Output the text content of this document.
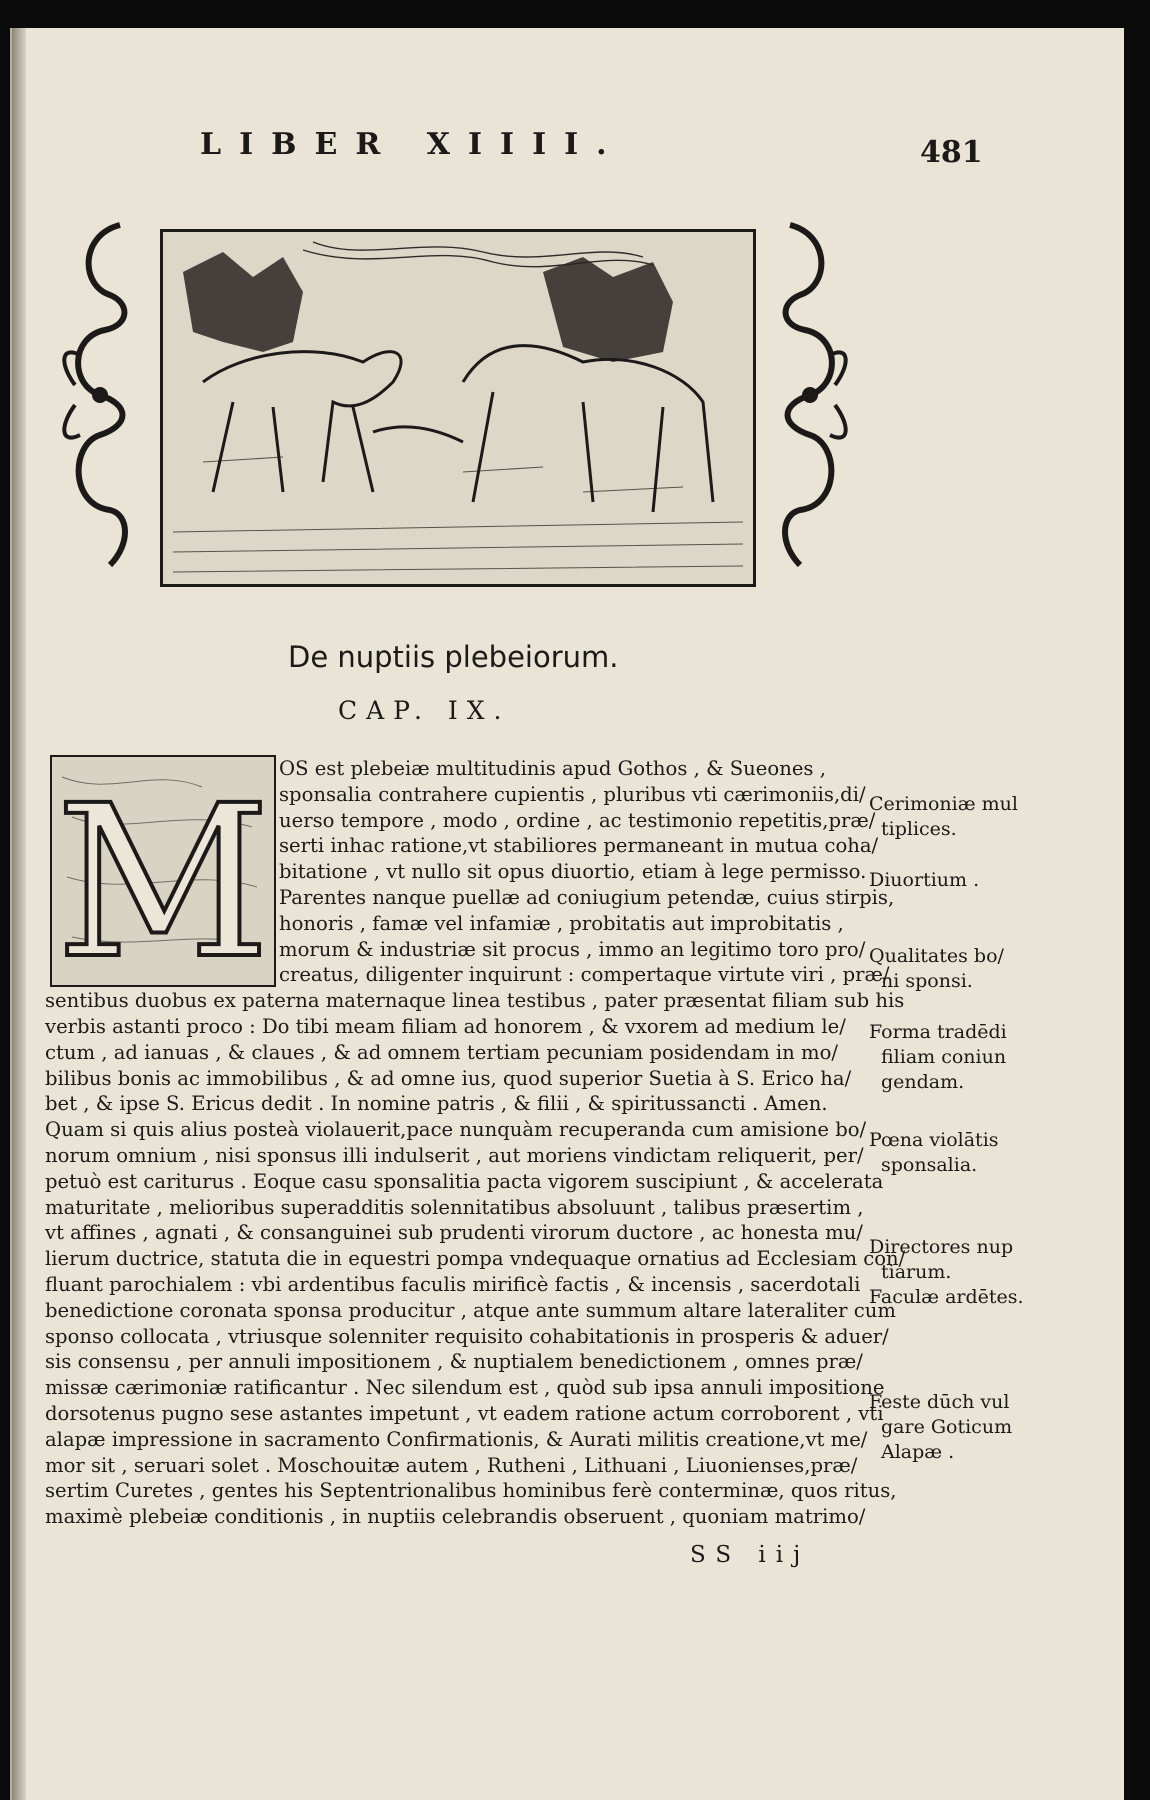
LIBER XIIII.	481
De nuptiis plebeiorum.
CAP. IX.
M OS est plebeiæ multitudinis apud Gothos , & Sueones ,
sponsalia contrahere cupientis , pluribus vti cærimoniis,di/
uerso tempore , modo , ordine , ac testimonio repetitis,præ/
serti inhac ratione,vt stabiliores permaneant in mutua coha/
bitatione , vt nullo sit opus diuortio, etiam à lege permisso.
Parentes nanque puellæ ad coniugium petendæ, cuius stirpis,
honoris , famæ vel infamiæ , probitatis aut improbitatis ,
morum & industriæ sit procus , immo an legitimo toro pro/
creatus, diligenter inquirunt : compertaque virtute viri , præ/
sentibus duobus ex paterna maternaque linea testibus , pater præsentat filiam sub his
verbis astanti proco : Do tibi meam filiam ad honorem , & vxorem ad medium le/
ctum , ad ianuas , & claues , & ad omnem tertiam pecuniam posidendam in mo/
bilibus bonis ac immobilibus , & ad omne ius, quod superior Suetia à S. Erico ha/
bet , & ipse S. Ericus dedit . In nomine patris , & filii , & spiritussancti . Amen.
Quam si quis alius posteà violauerit,pace nunquàm recuperanda cum amisione bo/
norum omnium , nisi sponsus illi indulserit , aut moriens vindictam reliquerit, per/
petuò est cariturus . Eoque casu sponsalitia pacta vigorem suscipiunt , & accelerata
maturitate , melioribus superadditis solennitatibus absoluunt , talibus præsertim ,
vt affines , agnati , & consanguinei sub prudenti virorum ductore , ac honesta mu/
lierum ductrice, statuta die in equestri pompa vndequaque ornatius ad Ecclesiam con/
fluant parochialem : vbi ardentibus faculis mirificè factis , & incensis , sacerdotali
benedictione coronata sponsa producitur , atque ante summum altare lateraliter cum
sponso collocata , vtriusque solenniter requisito cohabitationis in prosperis & aduer/
sis consensu , per annuli impositionem , & nuptialem benedictionem , omnes præ/
missæ cærimoniæ ratificantur . Nec silendum est , quòd sub ipsa annuli impositione
dorsotenus pugno sese astantes impetunt , vt eadem ratione actum corroborent , vti
alapæ impressione in sacramento Confirmationis, & Aurati militis creatione,vt me/
mor sit , seruari solet . Moschouitæ autem , Rutheni , Lithuani , Liuonienses,præ/
sertim Curetes , gentes his Septentrionalibus hominibus ferè conterminæ, quos ritus,
maximè plebeiæ conditionis , in nuptiis celebrandis obseruent , quoniam matrimo/
Cerimoniæ mul
tiplices.
Diuortium .
Qualitates bo/
ni sponsi.
Forma tradēdi
filiam coniun
gendam.
Pœna violātis
sponsalia.
Directores nup
tiarum.
Faculæ ardētes.
Feste dūch vul
gare Goticum
Alapæ .
SS iij
